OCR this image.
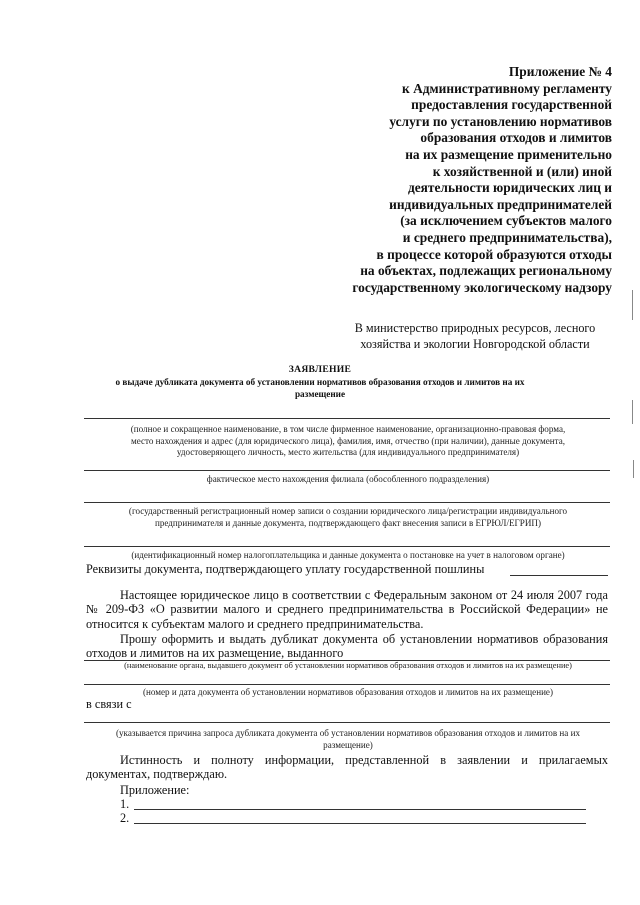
Приложение № 4
к Административному регламенту
предоставления государственной
услуги по установлению нормативов
образования отходов и лимитов
на их размещение применительно
к хозяйственной и (или) иной
деятельности юридических лиц и
индивидуальных предпринимателей
(за исключением субъектов малого
и среднего предпринимательства),
в процессе которой образуются отходы
на объектах, подлежащих региональному
государственному экологическому надзору
В министерство природных ресурсов, лесного
хозяйства и экологии Новгородской области
ЗАЯВЛЕНИЕ
о выдаче дубликата документа об установлении нормативов образования отходов и лимитов на их
размещение
(полное и сокращенное наименование, в том числе фирменное наименование, организационно-правовая форма,
место нахождения и адрес (для юридического лица), фамилия, имя, отчество (при наличии), данные документа,
удостоверяющего личность, место жительства (для индивидуального предпринимателя)
фактическое место нахождения филиала (обособленного подразделения)
(государственный регистрационный номер записи о создании юридического лица/регистрации индивидуального
предпринимателя и данные документа, подтверждающего факт внесения записи в ЕГРЮЛ/ЕГРИП)
(идентификационный номер налогоплательщика и данные документа о постановке на учет в налоговом органе)
Реквизиты документа, подтверждающего уплату государственной пошлины
Настоящее юридическое лицо в соответствии с Федеральным законом от 24 июля 2007 года № 209-ФЗ «О развитии малого и среднего предпринимательства в Российской Федерации» не относится к субъектам малого и среднего предпринимательства.
Прошу оформить и выдать дубликат документа об установлении нормативов образования отходов и лимитов на их размещение, выданного
(наименование органа, выдавшего документ об установлении нормативов образования отходов и лимитов на их размещение)
(номер и дата документа об установлении нормативов образования отходов и лимитов на их размещение)
в связи с
(указывается причина запроса дубликата документа об установлении нормативов образования отходов и лимитов на их
размещение)
Истинность и полноту информации, представленной в заявлении и прилагаемых документах, подтверждаю.
Приложение:
1.
2.
